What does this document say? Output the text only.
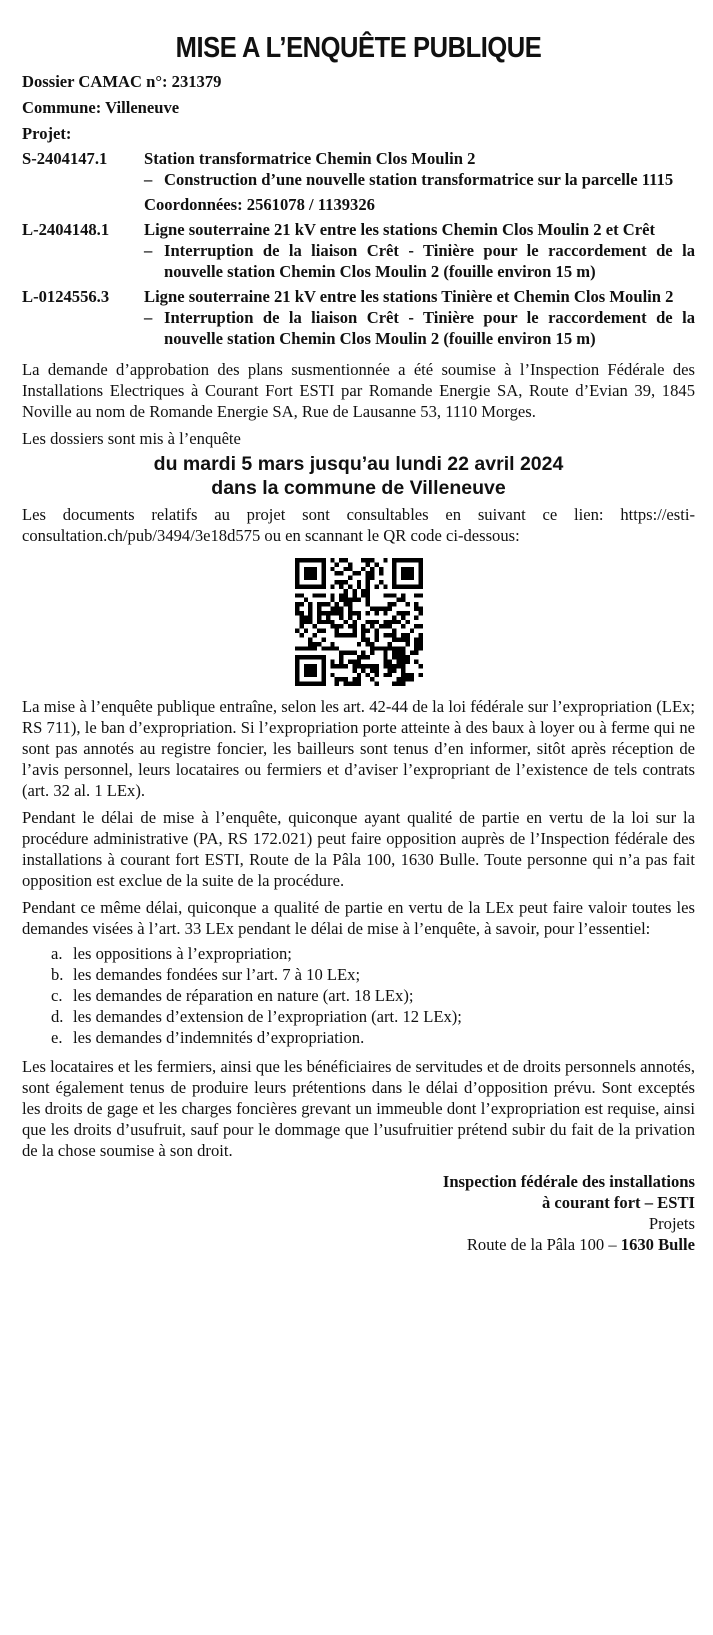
MISE A L’ENQUÊTE PUBLIQUE
Dossier CAMAC n°: 231379
Commune: Villeneuve
Projet:
S-2404147.1	Station transformatrice Chemin Clos Moulin 2
– Construction d’une nouvelle station transformatrice sur la parcelle 1115
Coordonnées: 2561078 / 1139326
L-2404148.1	Ligne souterraine 21 kV entre les stations Chemin Clos Moulin 2 et Crêt
– Interruption de la liaison Crêt - Tinière pour le raccordement de la nouvelle station Chemin Clos Moulin 2 (fouille environ 15 m)
L-0124556.3	Ligne souterraine 21 kV entre les stations Tinière et Chemin Clos Moulin 2
– Interruption de la liaison Crêt - Tinière pour le raccordement de la nouvelle station Chemin Clos Moulin 2 (fouille environ 15 m)
La demande d’approbation des plans susmentionnée a été soumise à l’Inspection Fédérale des Installations Electriques à Courant Fort ESTI par Romande Energie SA, Route d’Evian 39, 1845 Noville au nom de Romande Energie SA, Rue de Lausanne 53, 1110 Morges.
Les dossiers sont mis à l’enquête
du mardi 5 mars jusqu’au lundi 22 avril 2024
dans la commune de Villeneuve
Les documents relatifs au projet sont consultables en suivant ce lien: https://esti-consultation.ch/pub/3494/3e18d575 ou en scannant le QR code ci-dessous:
La mise à l’enquête publique entraîne, selon les art. 42-44 de la loi fédérale sur l’expropriation (LEx; RS 711), le ban d’expropriation. Si l’expropriation porte atteinte à des baux à loyer ou à ferme qui ne sont pas annotés au registre foncier, les bailleurs sont tenus d’en informer, sitôt après réception de l’avis personnel, leurs locataires ou fermiers et d’aviser l’expropriant de l’existence de tels contrats (art. 32 al. 1 LEx).
Pendant le délai de mise à l’enquête, quiconque ayant qualité de partie en vertu de la loi sur la procédure administrative (PA, RS 172.021) peut faire opposition auprès de l’Inspection fédérale des installations à courant fort ESTI, Route de la Pâla 100, 1630 Bulle. Toute personne qui n’a pas fait opposition est exclue de la suite de la procédure.
Pendant ce même délai, quiconque a qualité de partie en vertu de la LEx peut faire valoir toutes les demandes visées à l’art. 33 LEx pendant le délai de mise à l’enquête, à savoir, pour l’essentiel:
a. les oppositions à l’expropriation;
b. les demandes fondées sur l’art. 7 à 10 LEx;
c. les demandes de réparation en nature (art. 18 LEx);
d. les demandes d’extension de l’expropriation (art. 12 LEx);
e. les demandes d’indemnités d’expropriation.
Les locataires et les fermiers, ainsi que les bénéficiaires de servitudes et de droits personnels annotés, sont également tenus de produire leurs prétentions dans le délai d’opposition prévu. Sont exceptés les droits de gage et les charges foncières grevant un immeuble dont l’expropriation est requise, ainsi que les droits d’usufruit, sauf pour le dommage que l’usufruitier prétend subir du fait de la privation de la chose soumise à son droit.
Inspection fédérale des installations
à courant fort – ESTI
Projets
Route de la Pâla 100 – 1630 Bulle
